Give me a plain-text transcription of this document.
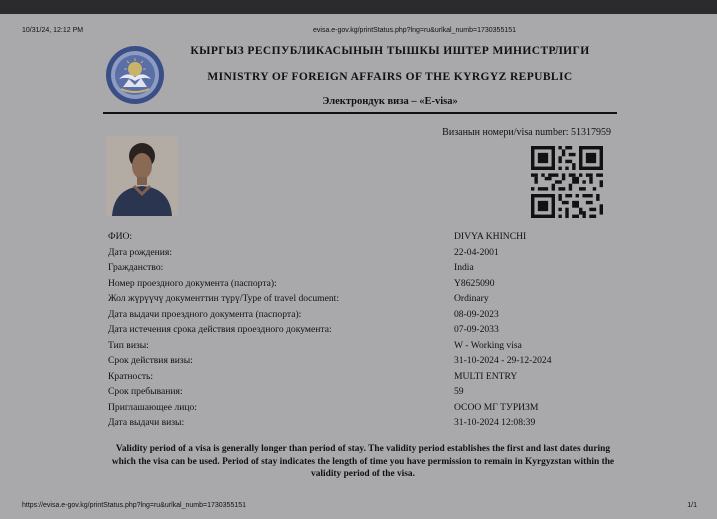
10/31/24, 12:12 PM	evisa.e-gov.kg/printStatus.php?lng=ru&urlkal_numb=1730355151
КЫРГЫЗ РЕСПУБЛИКАСЫНЫН ТЫШКЫ ИШТЕР МИНИСТРЛИГИ
MINISTRY OF FOREIGN AFFAIRS OF THE KYRGYZ REPUBLIC
Электрондук виза – «E-visa»
Визанын номери/visa number: 51317959
ФИО:	DIVYA KHINCHI
Дата рождения:	22-04-2001
Гражданство:	India
Номер проездного документа (паспорта):	Y8625090
Жол жүрүүчү документтин түрү/Type of travel document:	Ordinary
Дата выдачи проездного документа (паспорта):	08-09-2023
Дата истечения срока действия проездного документа:	07-09-2033
Тип визы:	W - Working visa
Срок действия визы:	31-10-2024 - 29-12-2024
Кратность:	MULTI ENTRY
Срок пребывания:	59
Приглашающее лицо:	ОСОО МГ ТУРИЗМ
Дата выдачи визы:	31-10-2024 12:08:39
Validity period of a visa is generally longer than period of stay. The validity period establishes the first and last dates during which the visa can be used. Period of stay indicates the length of time you have permission to remain in Kyrgyzstan within the validity period of the visa.
https://evisa.e-gov.kg/printStatus.php?lng=ru&urlkal_numb=1730355151	1/1
